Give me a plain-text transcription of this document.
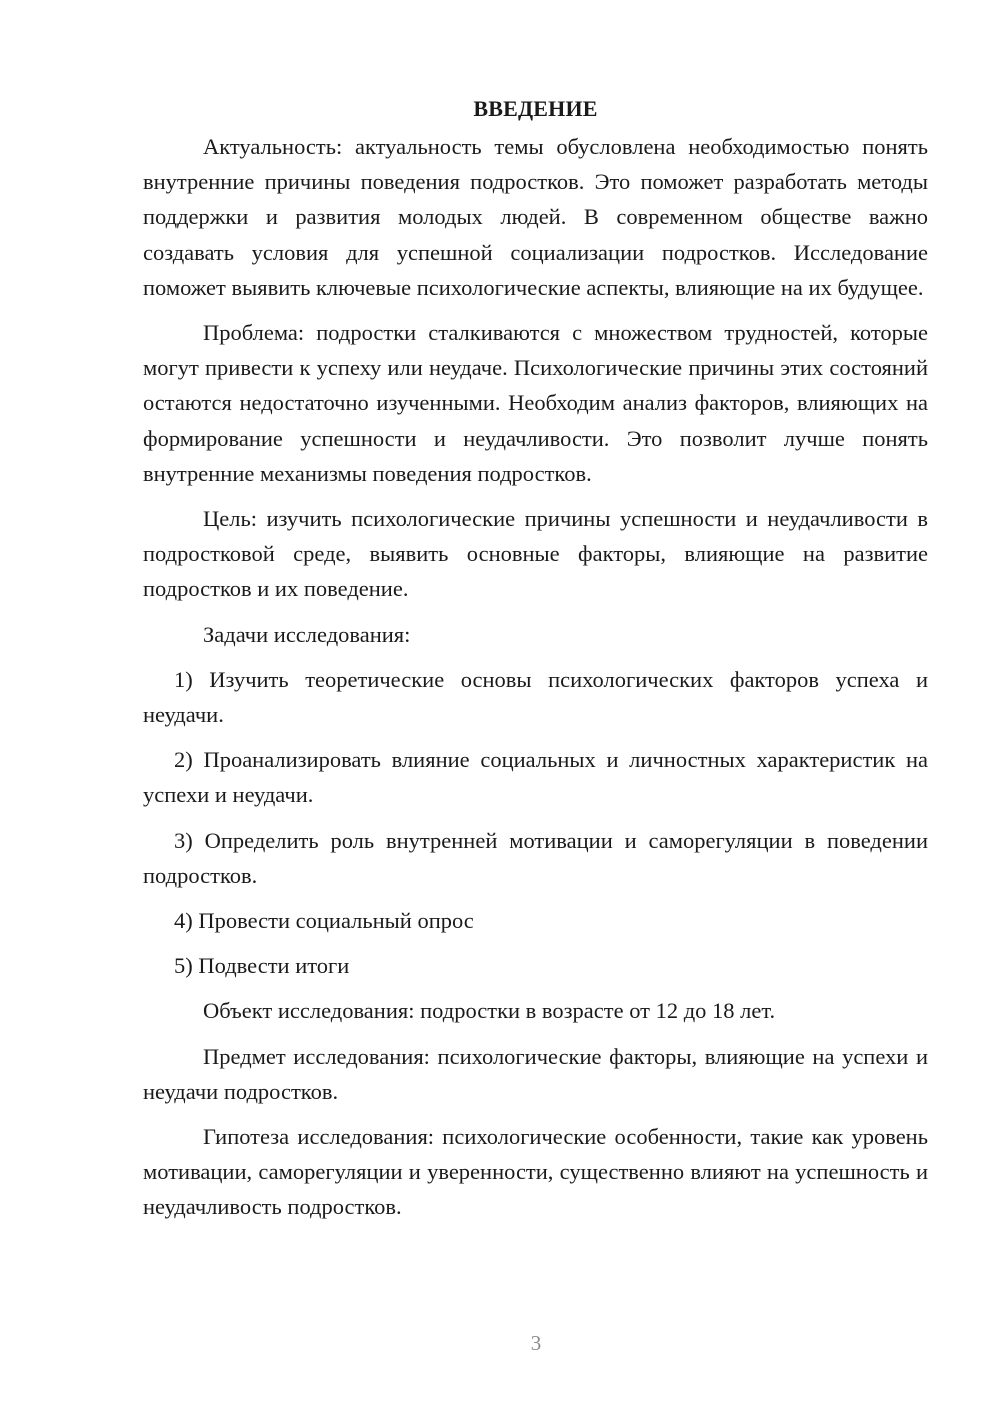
ВВЕДЕНИЕ

Актуальность: актуальность темы обусловлена необходимостью понять внутренние причины поведения подростков. Это поможет разработать методы поддержки и развития молодых людей. В современном обществе важно создавать условия для успешной социализации подростков. Исследование поможет выявить ключевые психологические аспекты, влияющие на их будущее.

Проблема: подростки сталкиваются с множеством трудностей, которые могут привести к успеху или неудаче. Психологические причины этих состояний остаются недостаточно изученными. Необходим анализ факторов, влияющих на формирование успешности и неудачливости. Это позволит лучше понять внутренние механизмы поведения подростков.

Цель: изучить психологические причины успешности и неудачливости в подростковой среде, выявить основные факторы, влияющие на развитие подростков и их поведение.

Задачи исследования:

1) Изучить теоретические основы психологических факторов успеха и неудачи.

2) Проанализировать влияние социальных и личностных характеристик на успехи и неудачи.

3) Определить роль внутренней мотивации и саморегуляции в поведении подростков.

4) Провести социальный опрос

5) Подвести итоги

Объект исследования: подростки в возрасте от 12 до 18 лет.

Предмет исследования: психологические факторы, влияющие на успехи и неудачи подростков.

Гипотеза исследования: психологические особенности, такие как уровень мотивации, саморегуляции и уверенности, существенно влияют на успешность и неудачливость подростков.

3
